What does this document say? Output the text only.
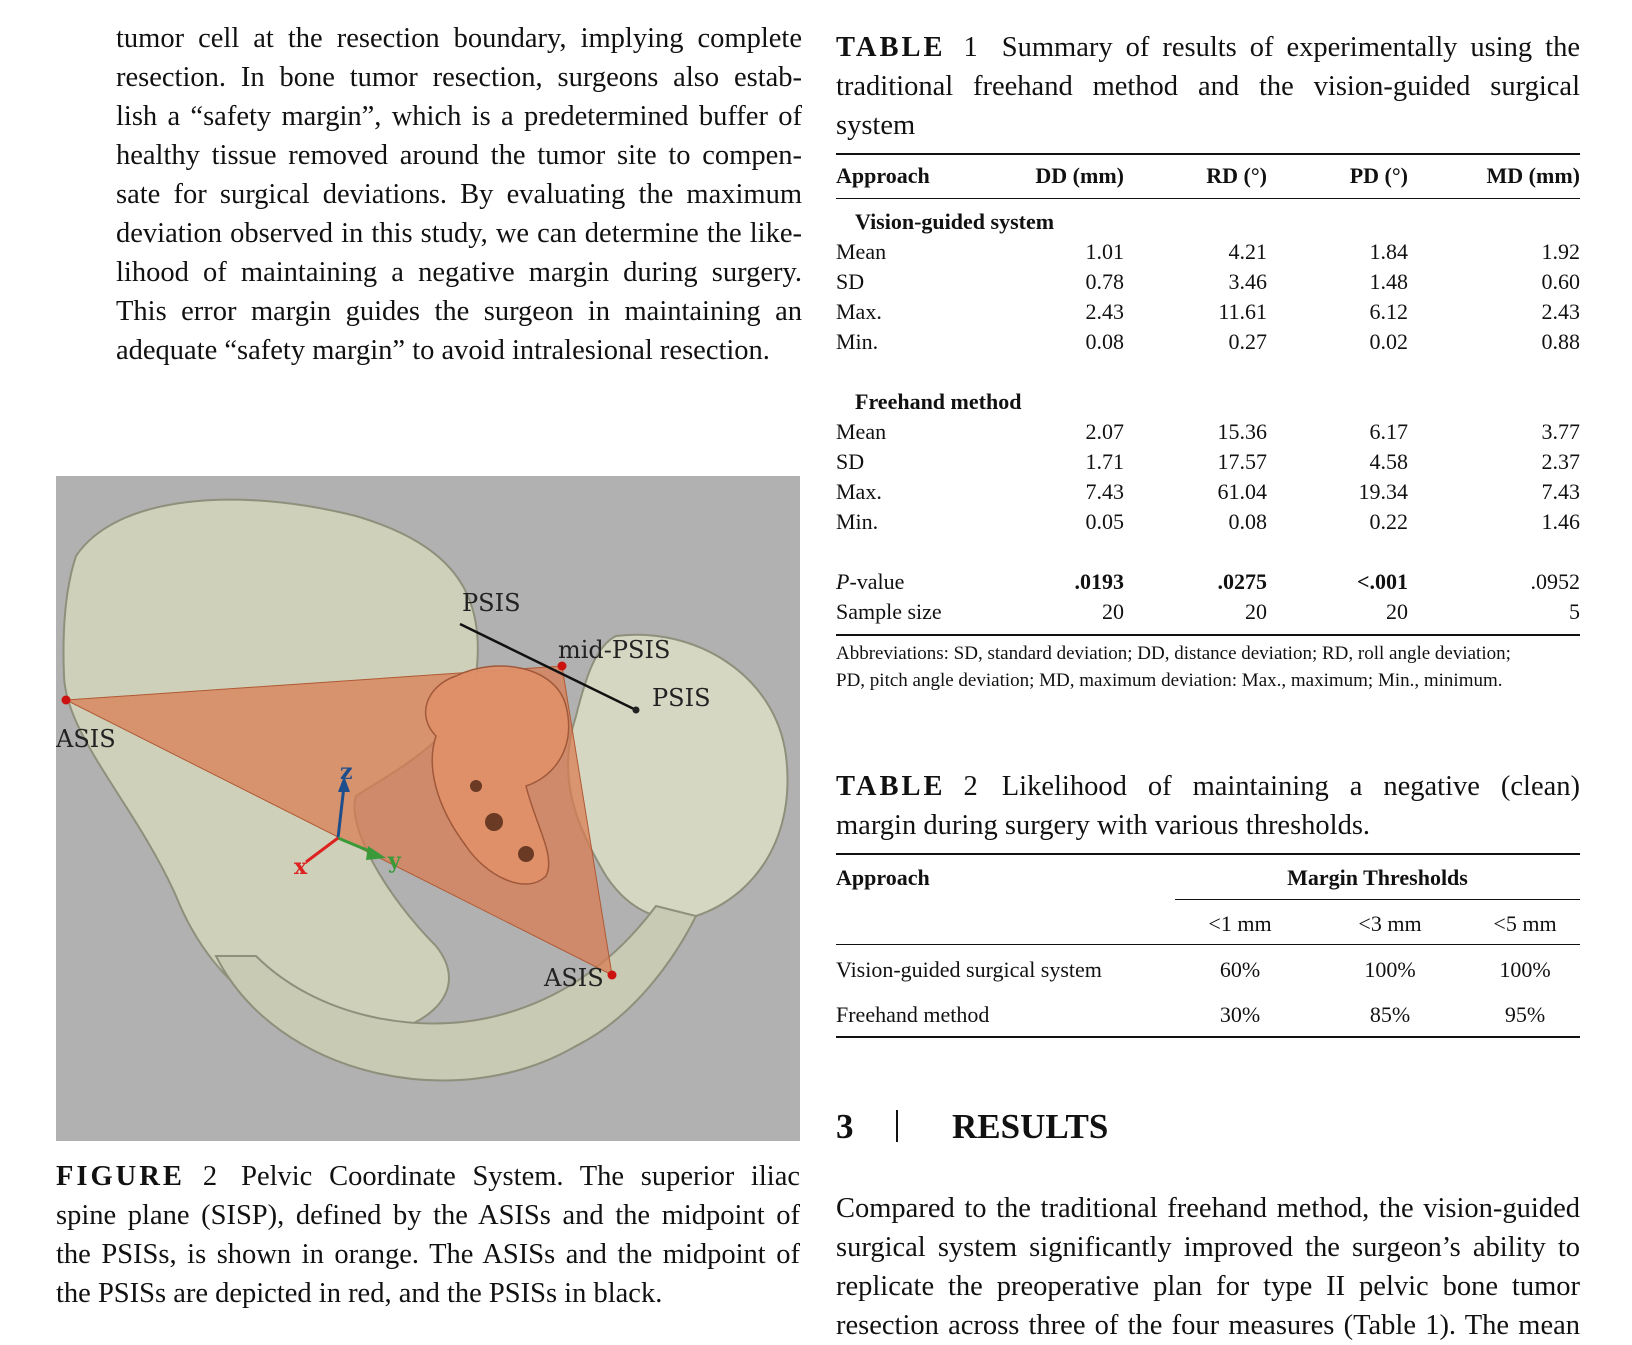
tumor cell at the resection boundary, implying complete
resection. In bone tumor resection, surgeons also estab-
lish a “safety margin”, which is a predetermined buffer of
healthy tissue removed around the tumor site to compen-
sate for surgical deviations. By evaluating the maximum
deviation observed in this study, we can determine the like-
lihood of maintaining a negative margin during surgery.
This error margin guides the surgeon in maintaining an
adequate “safety margin” to avoid intralesional resection.
TABLE 1 Summary of results of experimentally using the
traditional freehand method and the vision-guided surgical
system
Approach	DD (mm)	RD (°)	PD (°)	MD (mm)
Vision-guided system
Mean	1.01	4.21	1.84	1.92
SD	0.78	3.46	1.48	0.60
Max.	2.43	11.61	6.12	2.43
Min.	0.08	0.27	0.02	0.88
Freehand method
Mean	2.07	15.36	6.17	3.77
SD	1.71	17.57	4.58	2.37
Max.	7.43	61.04	19.34	7.43
Min.	0.05	0.08	0.22	1.46
P-value	.0193	.0275	<.001	.0952
Sample size	20	20	20	5
Abbreviations: SD, standard deviation; DD, distance deviation; RD, roll angle deviation;
PD, pitch angle deviation; MD, maximum deviation: Max., maximum; Min., minimum.
PSIS
mid-PSIS
PSIS
ASIS
ASIS
z
x	y
FIGURE 2 Pelvic Coordinate System. The superior iliac
spine plane (SISP), defined by the ASISs and the midpoint of
the PSISs, is shown in orange. The ASISs and the midpoint of
the PSISs are depicted in red, and the PSISs in black.
TABLE 2 Likelihood of maintaining a negative (clean)
margin during surgery with various thresholds.
Approach	Margin Thresholds
<1 mm	<3 mm	<5 mm
Vision-guided surgical system	60%	100%	100%
Freehand method	30%	85%	95%
3	RESULTS
Compared to the traditional freehand method, the vision-guided
surgical system significantly improved the surgeon’s ability to
replicate the preoperative plan for type II pelvic bone tumor
resection across three of the four measures (Table 1). The mean
